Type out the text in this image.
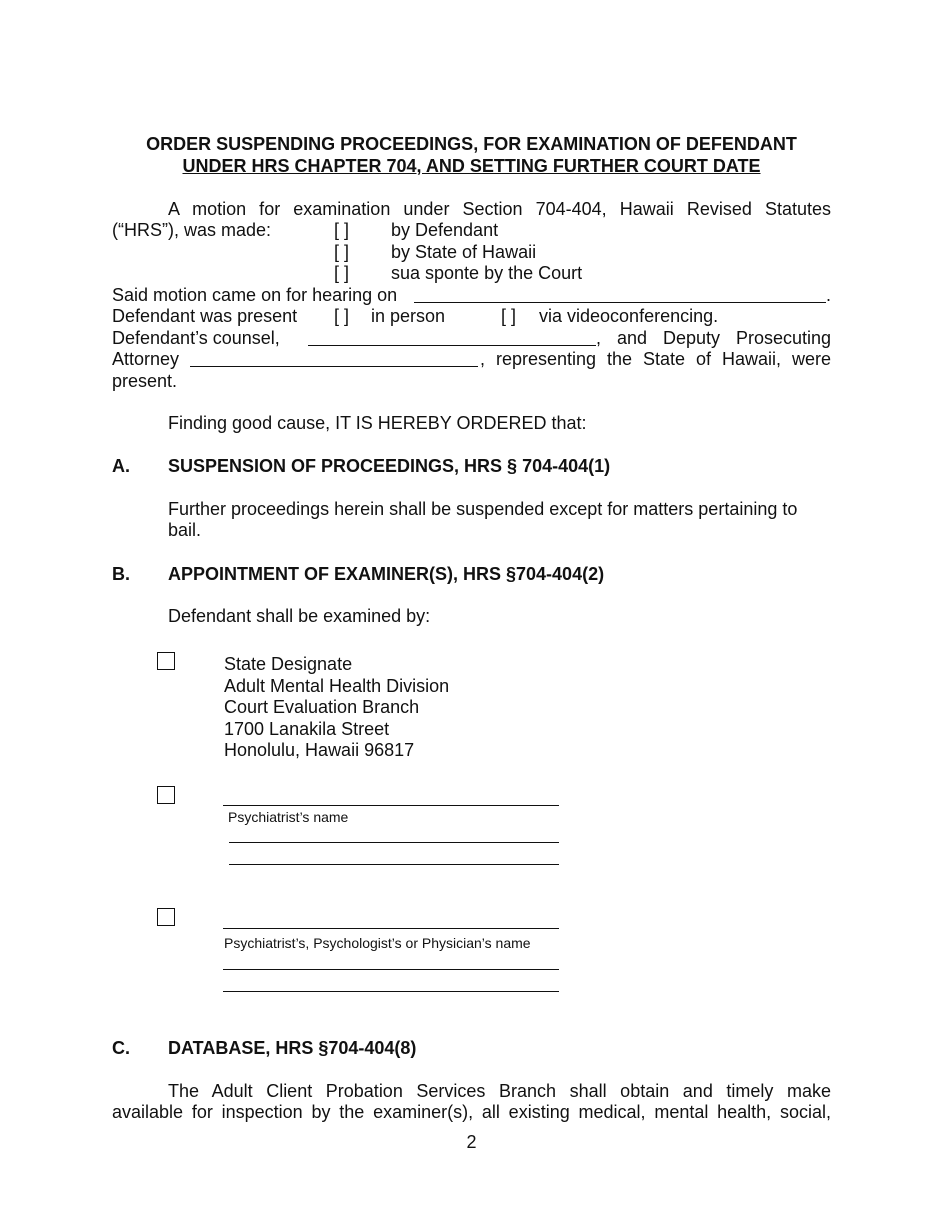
ORDER SUSPENDING PROCEEDINGS, FOR EXAMINATION OF DEFENDANT
UNDER HRS CHAPTER 704, AND SETTING FURTHER COURT DATE
A motion for examination under Section 704-404, Hawaii Revised Statutes
(“HRS”), was made:	[ ] by Defendant
[ ] by State of Hawaii
[ ] sua sponte by the Court
Said motion came on for hearing on	.
Defendant was present [ ] in person	[ ] via videoconferencing.
Defendant’s counsel,	, and Deputy Prosecuting
Attorney	, representing the State of Hawaii, were
present.
Finding good cause, IT IS HEREBY ORDERED that:
A. SUSPENSION OF PROCEEDINGS, HRS § 704-404(1)
Further proceedings herein shall be suspended except for matters pertaining to
bail.
B. APPOINTMENT OF EXAMINER(S), HRS §704-404(2)
Defendant shall be examined by:
State Designate
Adult Mental Health Division
Court Evaluation Branch
1700 Lanakila Street
Honolulu, Hawaii 96817
Psychiatrist’s name
Psychiatrist’s, Psychologist’s or Physician’s name
C. DATABASE, HRS §704-404(8)
The Adult Client Probation Services Branch shall obtain and timely make
available for inspection by the examiner(s), all existing medical, mental health, social,
2
